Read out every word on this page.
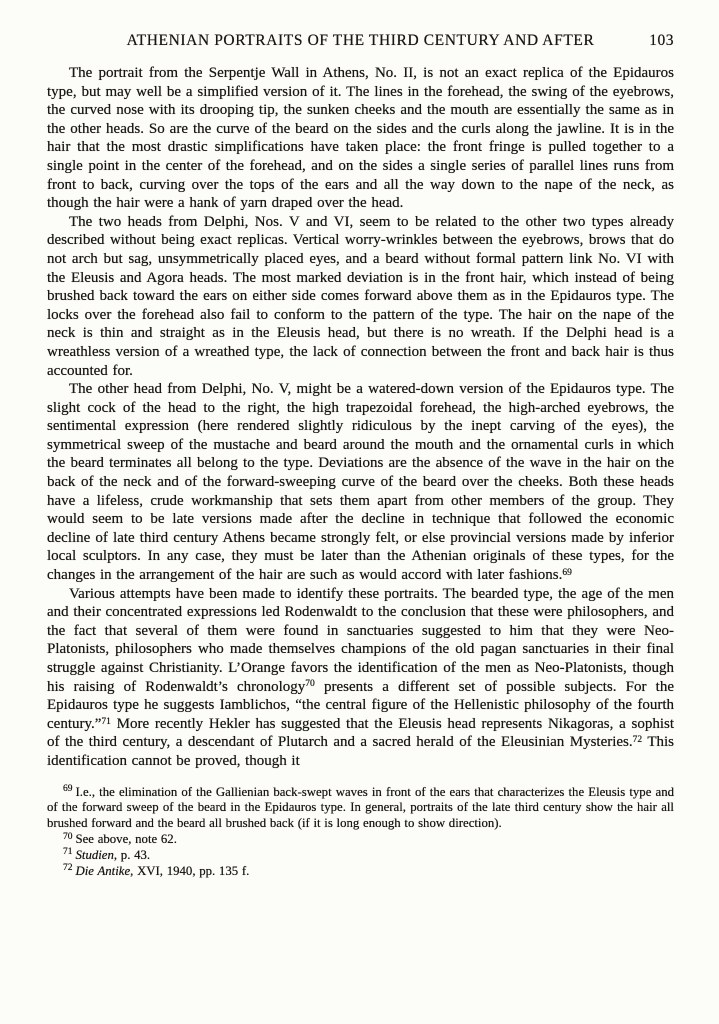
ATHENIAN PORTRAITS OF THE THIRD CENTURY AND AFTER	103

The portrait from the Serpentje Wall in Athens, No. II, is not an exact replica of the Epidauros type, but may well be a simplified version of it. The lines in the forehead, the swing of the eyebrows, the curved nose with its drooping tip, the sunken cheeks and the mouth are essentially the same as in the other heads. So are the curve of the beard on the sides and the curls along the jawline. It is in the hair that the most drastic simplifications have taken place: the front fringe is pulled together to a single point in the center of the forehead, and on the sides a single series of parallel lines runs from front to back, curving over the tops of the ears and all the way down to the nape of the neck, as though the hair were a hank of yarn draped over the head.

The two heads from Delphi, Nos. V and VI, seem to be related to the other two types already described without being exact replicas. Vertical worry-wrinkles between the eyebrows, brows that do not arch but sag, unsymmetrically placed eyes, and a beard without formal pattern link No. VI with the Eleusis and Agora heads. The most marked deviation is in the front hair, which instead of being brushed back toward the ears on either side comes forward above them as in the Epidauros type. The locks over the forehead also fail to conform to the pattern of the type. The hair on the nape of the neck is thin and straight as in the Eleusis head, but there is no wreath. If the Delphi head is a wreathless version of a wreathed type, the lack of connection between the front and back hair is thus accounted for.

The other head from Delphi, No. V, might be a watered-down version of the Epidauros type. The slight cock of the head to the right, the high trapezoidal forehead, the high-arched eyebrows, the sentimental expression (here rendered slightly ridiculous by the inept carving of the eyes), the symmetrical sweep of the mustache and beard around the mouth and the ornamental curls in which the beard terminates all belong to the type. Deviations are the absence of the wave in the hair on the back of the neck and of the forward-sweeping curve of the beard over the cheeks. Both these heads have a lifeless, crude workmanship that sets them apart from other members of the group. They would seem to be late versions made after the decline in technique that followed the economic decline of late third century Athens became strongly felt, or else provincial versions made by inferior local sculptors. In any case, they must be later than the Athenian originals of these types, for the changes in the arrangement of the hair are such as would accord with later fashions.$^{69}$

Various attempts have been made to identify these portraits. The bearded type, the age of the men and their concentrated expressions led Rodenwaldt to the conclusion that these were philosophers, and the fact that several of them were found in sanctuaries suggested to him that they were Neo-Platonists, philosophers who made themselves champions of the old pagan sanctuaries in their final struggle against Christianity. L’Orange favors the identification of the men as Neo-Platonists, though his raising of Rodenwaldt’s chronology$^{70}$ presents a different set of possible subjects. For the Epidauros type he suggests Iamblichos, “the central figure of the Hellenistic philosophy of the fourth century.”$^{71}$ More recently Hekler has suggested that the Eleusis head represents Nikagoras, a sophist of the third century, a descendant of Plutarch and a sacred herald of the Eleusinian Mysteries.$^{72}$ This identification cannot be proved, though it

$^{69}$ I.e., the elimination of the Gallienian back-swept waves in front of the ears that characterizes the Eleusis type and of the forward sweep of the beard in the Epidauros type. In general, portraits of the late third century show the hair all brushed forward and the beard all brushed back (if it is long enough to show direction).

$^{70}$ See above, note 62.

$^{71}$ Studien, p. 43.

$^{72}$ Die Antike, XVI, 1940, pp. 135 f.
